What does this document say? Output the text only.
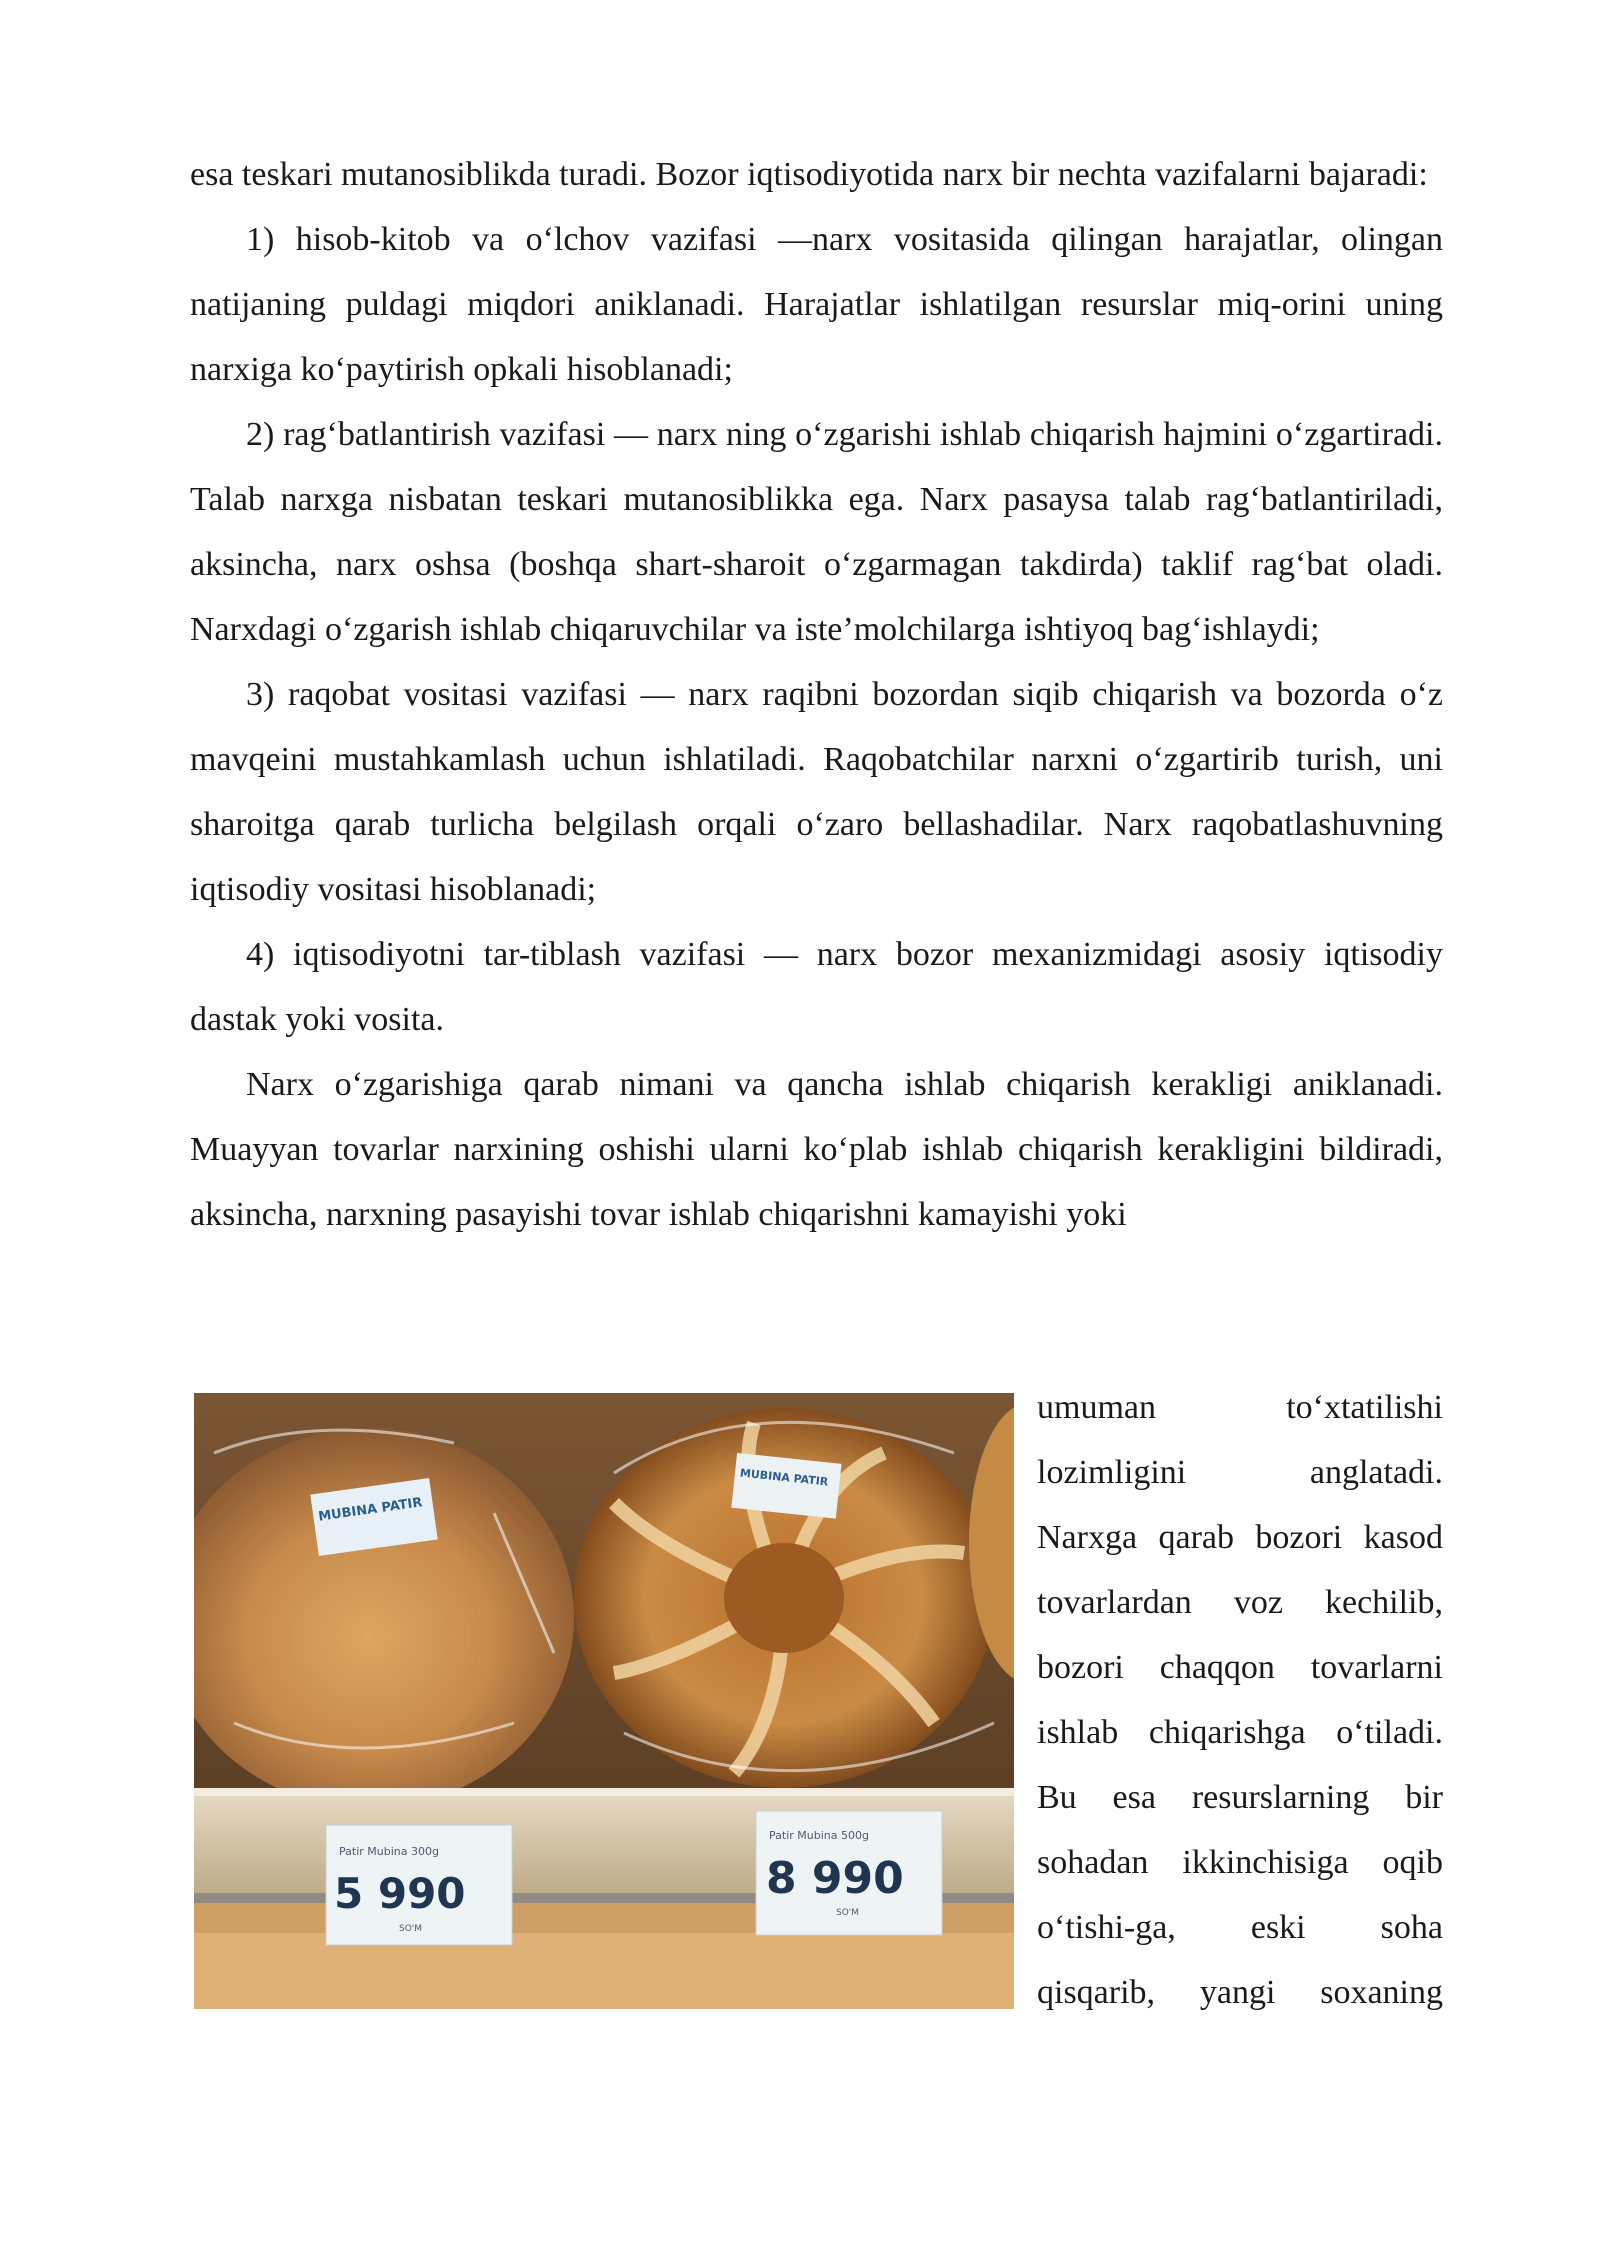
esa teskari mutanosiblikda turadi. Bozor iqtisodiyotida narx bir nechta vazifalarni bajaradi:

1) hisob-kitob va oʻlchov vazifasi —narx vositasida qilingan harajatlar, olingan natijaning puldagi miqdori aniklanadi. Harajatlar ishlatilgan resurslar miq-orini uning narxiga koʻpaytirish opkali hisoblanadi;

2) ragʻbatlantirish vazifasi — narx ning oʻzgarishi ishlab chiqarish hajmini oʻzgartiradi. Talab narxga nisbatan teskari mutanosiblikka ega. Narx pasaysa talab ragʻbatlantiriladi, aksincha, narx oshsa (boshqa shart-sharoit oʻzgarmagan takdirda) taklif ragʻbat oladi. Narxdagi oʻzgarish ishlab chiqaruvchilar va iste’molchilarga ishtiyoq bagʻishlaydi;

3) raqobat vositasi vazifasi — narx raqibni bozordan siqib chiqarish va bozorda oʻz mavqeini mustahkamlash uchun ishlatiladi. Raqobatchilar narxni oʻzgartirib turish, uni sharoitga qarab turlicha belgilash orqali oʻzaro bellashadilar. Narx raqobatlashuvning iqtisodiy vositasi hisoblanadi;

4) iqtisodiyotni tar-tiblash vazifasi — narx bozor mexanizmidagi asosiy iqtisodiy dastak yoki vosita.

Narx oʻzgarishiga qarab nimani va qancha ishlab chiqarish kerakligi aniklanadi. Muayyan tovarlar narxining oshishi ularni koʻplab ishlab chiqarish kerakligini bildiradi, aksincha, narxning pasayishi tovar ishlab chiqarishni kamayishi yoki

MUBINA PATIR
MUBINA PATIR
Patir Mubina 300g
5 990
SO'M
Patir Mubina 500g
8 990
SO'M
umuman toʻxtatilishi
lozimligini anglatadi.
Narxga qarab bozori kasod
tovarlardan voz kechilib,
bozori chaqqon tovarlarni
ishlab chiqarishga oʻtiladi.
Bu esa resurslarning bir
sohadan ikkinchisiga oqib
oʻtishi-ga, eski soha
qisqarib, yangi soxaning
